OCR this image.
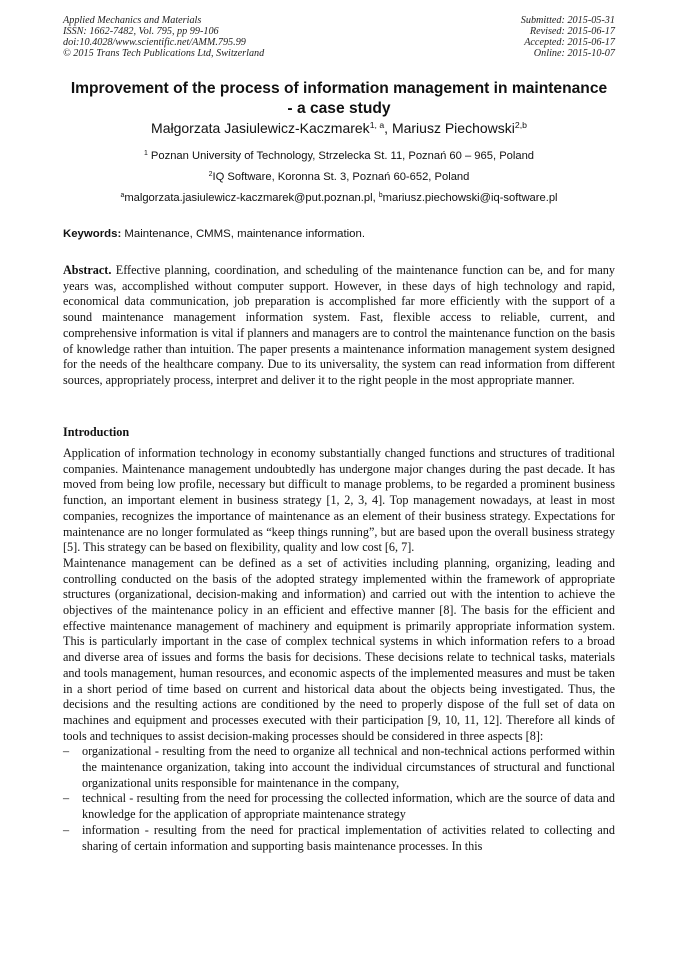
Applied Mechanics and Materials
ISSN: 1662-7482, Vol. 795, pp 99-106
doi:10.4028/www.scientific.net/AMM.795.99
© 2015 Trans Tech Publications Ltd, Switzerland
Submitted: 2015-05-31
Revised: 2015-06-17
Accepted: 2015-06-17
Online: 2015-10-07
Improvement of the process of information management in maintenance
- a case study
Małgorzata Jasiulewicz-Kaczmarek$^{1, a}$, Mariusz Piechowski$^{2,b}$
$^1$ Poznan University of Technology, Strzelecka St. 11, Poznań 60 – 965, Poland
$^2$IQ Software, Koronna St. 3, Poznań 60-652, Poland
$^a$malgorzata.jasiulewicz-kaczmarek@put.poznan.pl, $^b$mariusz.piechowski@iq-software.pl
Keywords: Maintenance, CMMS, maintenance information.

Abstract. Effective planning, coordination, and scheduling of the maintenance function can be, and for many years was, accomplished without computer support. However, in these days of high technology and rapid, economical data communication, job preparation is accomplished far more efficiently with the support of a sound maintenance management information system. Fast, flexible access to reliable, current, and comprehensive information is vital if planners and managers are to control the maintenance function on the basis of knowledge rather than intuition. The paper presents a maintenance information management system designed for the needs of the healthcare company. Due to its universality, the system can read information from different sources, appropriately process, interpret and deliver it to the right people in the most appropriate manner.

Introduction

Application of information technology in economy substantially changed functions and structures of traditional companies. Maintenance management undoubtedly has undergone major changes during the past decade. It has moved from being low profile, necessary but difficult to manage problems, to be regarded a prominent business function, an important element in business strategy [1, 2, 3, 4]. Top management nowadays, at least in most companies, recognizes the importance of maintenance as an element of their business strategy. Expectations for maintenance are no longer formulated as “keep things running”, but are based upon the overall business strategy [5]. This strategy can be based on flexibility, quality and low cost [6, 7].

Maintenance management can be defined as a set of activities including planning, organizing, leading and controlling conducted on the basis of the adopted strategy implemented within the framework of appropriate structures (organizational, decision-making and information) and carried out with the intention to achieve the objectives of the maintenance policy in an efficient and effective manner [8]. The basis for the efficient and effective maintenance management of machinery and equipment is primarily appropriate information system. This is particularly important in the case of complex technical systems in which information refers to a broad and diverse area of issues and forms the basis for decisions. These decisions relate to technical tasks, materials and tools management, human resources, and economic aspects of the implemented measures and must be taken in a short period of time based on current and historical data about the objects being investigated. Thus, the decisions and the resulting actions are conditioned by the need to properly dispose of the full set of data on machines and equipment and processes executed with their participation [9, 10, 11, 12]. Therefore all kinds of tools and techniques to assist decision-making processes should be considered in three aspects [8]:

– organizational - resulting from the need to organize all technical and non-technical actions performed within the maintenance organization, taking into account the individual circumstances of structural and functional organizational units responsible for maintenance in the company,
– technical - resulting from the need for processing the collected information, which are the source of data and knowledge for the application of appropriate maintenance strategy
– information - resulting from the need for practical implementation of activities related to collecting and sharing of certain information and supporting basis maintenance processes. In this
